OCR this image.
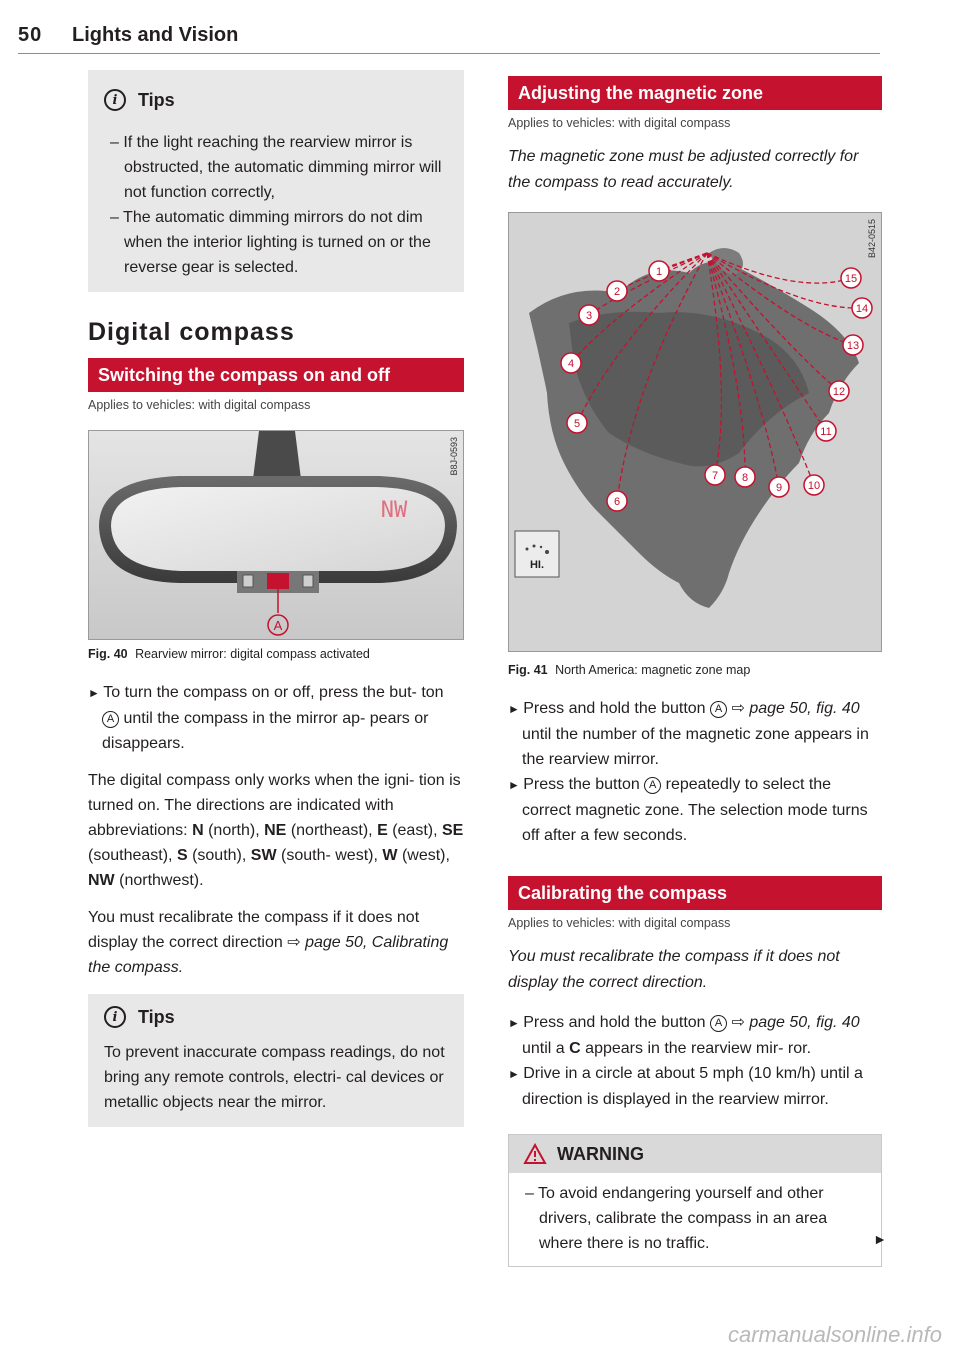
50 Lights and Vision
i	Tips

– If the light reaching the rearview mirror is obstructed, the automatic dimming mirror will not function correctly,

– The automatic dimming mirrors do not dim when the interior lighting is turned on or the reverse gear is selected.

Digital compass
Switching the compass on and off
Applies to vehicles: with digital compass
A
NW
B8J-0593
Fig. 40 Rearview mirror: digital compass activated

► To turn the compass on or off, press the but- ton A until the compass in the mirror ap- pears or disappears.

The digital compass only works when the igni- tion is turned on. The directions are indicated with abbreviations: N (north), NE (northeast), E (east), SE (southeast), S (south), SW (south- west), W (west), NW (northwest).

You must recalibrate the compass if it does not display the correct direction ⇨ page 50, Calibrating the compass.

i	Tips

To prevent inaccurate compass readings, do not bring any remote controls, electri- cal devices or metallic objects near the mirror.

Adjusting the magnetic zone
Applies to vehicles: with digital compass

The magnetic zone must be adjusted correctly for the compass to read accurately.

1
2
3
4
5
6
7 8
9 10
11
12
13
14
15
HI.
B42-0515
Fig. 41 North America: magnetic zone map

► Press and hold the button A ⇨ page 50, fig. 40 until the number of the magnetic zone appears in the rearview mirror.

► Press the button A repeatedly to select the correct magnetic zone. The selection mode turns off after a few seconds.

Calibrating the compass
Applies to vehicles: with digital compass

You must recalibrate the compass if it does not display the correct direction.

► Press and hold the button A ⇨ page 50, fig. 40 until a C appears in the rearview mir- ror.

► Drive in a circle at about 5 mph (10 km/h) until a direction is displayed in the rearview mirror.

WARNING

– To avoid endangering yourself and other drivers, calibrate the compass in an area where there is no traffic.	►
carmanualsonline.info
